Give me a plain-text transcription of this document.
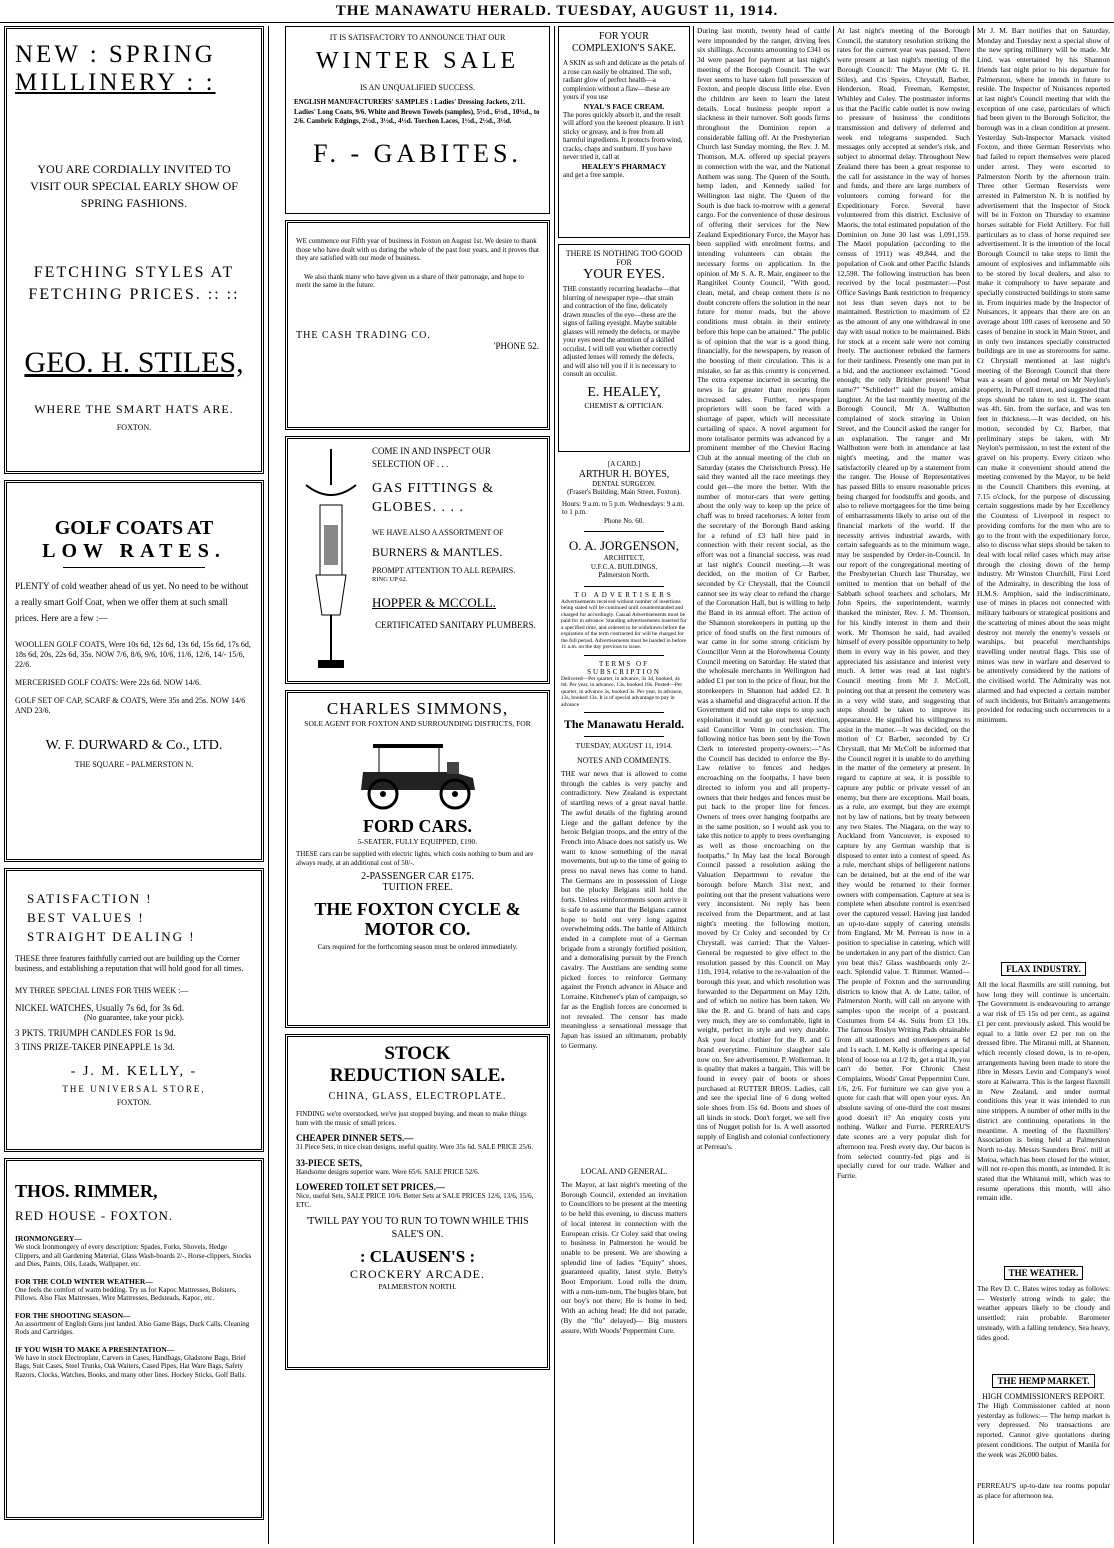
THE MANAWATU HERALD. TUESDAY, AUGUST 11, 1914.
NEW : SPRING
MILLINERY : :
YOU ARE CORDIALLY INVITED TO VISIT OUR SPECIAL EARLY SHOW OF SPRING FASHIONS.
FETCHING STYLES AT FETCHING PRICES. :: ::
GEO. H. STILES,
WHERE THE SMART HATS ARE.
FOXTON.
GOLF COATS AT
LOW RATES.
PLENTY of cold weather ahead of us yet. No need to be without a really smart Golf Coat, when we offer them at such small prices. Here are a few :—
WOOLLEN GOLF COATS, Were 10s 6d, 12s 6d, 13s 6d, 15s 6d, 17s 6d, 18s 6d, 20s, 22s 6d, 35s. NOW 7/6, 8/6, 9/6, 10/6, 11/6, 12/6, 14/- 15/6, 22/6.
MERCERISED GOLF COATS: Were 22s 6d. NOW 14/6.
GOLF SET OF CAP, SCARF & COATS, Were 35s and 25s. NOW 14/6 AND 23/6.
W. F. DURWARD & Co., LTD.
THE SQUARE - PALMERSTON N.
SATISFACTION !
BEST VALUES !
STRAIGHT DEALING !
THESE three features faithfully carried out are building up the Corner business, and establishing a reputation that will hold good for all times.
MY THREE SPECIAL LINES FOR THIS WEEK :—
NICKEL WATCHES, Usually 7s 6d, for 3s 6d.
(No guarantee, take your pick).
3 PKTS. TRIUMPH CANDLES FOR 1s 9d.
3 TINS PRIZE-TAKER PINEAPPLE 1s 3d.
- J. M. KELLY, -
THE UNIVERSAL STORE,
FOXTON.
THOS. RIMMER,
RED HOUSE - FOXTON.
IRONMONGERY—
We stock Ironmongery of every description: Spades, Forks, Shovels, Hedge Clippers, and all Gardening Material, Glass Wash-boards 2/-, Horse-clippers, Stocks and Dies, Paints, Oils, Leads, Wallpaper, etc.
FOR THE COLD WINTER WEATHER—
One feels the comfort of warm bedding. Try us for Kapoc Mattresses, Bolsters, Pillows. Also Flax Mattresses, Wire Mattresses, Bedsteads, Kapoc, etc.
FOR THE SHOOTING SEASON—
An assortment of English Guns just landed. Also Game Bags, Duck Calls, Cleaning Rods and Cartridges.
IF YOU WISH TO MAKE A PRESENTATION—
We have in stock Electroplate, Carvers in Cases, Handbags, Gladstone Bags, Brief Bags, Suit Cases, Steel Trunks, Oak Waiters, Cased Pipes, Hat Ware Bags, Safety Razors, Clocks, Watches, Books, and many other lines. Hockey Sticks, Golf Balls.
IT IS SATISFACTORY TO ANNOUNCE THAT OUR
WINTER SALE
IS AN UNQUALIFIED SUCCESS.
ENGLISH MANUFACTURERS' SAMPLES : Ladies' Dressing Jackets, 2/11. Ladies' Long Coats, 9/6. White and Brown Towels (samples), 5½d., 6½d., 10½d., to 2/6. Cambric Edgings, 2½d., 3½d., 4½d. Torchon Laces, 1½d., 2½d., 3½d.
F. - GABITES.
WE commence our Fifth year of business in Foxton on August 1st. We desire to thank those who have dealt with us during the whole of the past four years, and it proves that they are satisfied with our mode of business.
We also thank many who have given us a share of their patronage, and hope to merit the same in the future.
THE CASH TRADING CO.
'PHONE 52.
COME IN AND INSPECT OUR SELECTION OF . . .
GAS FITTINGS & GLOBES. . . .
WE HAVE ALSO A ASSORTMENT OF
BURNERS & MANTLES.
PROMPT ATTENTION TO ALL REPAIRS.
RING UP 62.
HOPPER & MCCOLL.
CERTIFICATED SANITARY PLUMBERS.
CHARLES SIMMONS,
SOLE AGENT FOR FOXTON AND SURROUNDING DISTRICTS, FOR
FORD CARS.
5-SEATER, FULLY EQUIPPED, £190.
THESE cars can be supplied with electric lights, which costs nothing to burn and are always ready, at an additional cost of 50/-.
2-PASSENGER CAR £175.
TUITION FREE.
THE FOXTON CYCLE & MOTOR CO.
Cars required for the forthcoming season must be ordered immediately.
STOCK
REDUCTION SALE.
CHINA, GLASS, ELECTROPLATE.
FINDING we're overstocked, we've just stopped buying, and mean to make things hum with the music of small prices.
CHEAPER DINNER SETS.—
31 Piece Sets, in nice clean designs, useful quality. Were 35s 6d. SALE PRICE 25/6.
33-PIECE SETS,
Handsome designs superior ware. Were 65/6. SALE PRICE 52/6.
LOWERED TOILET SET PRICES.—
Nice, useful Sets, SALE PRICE 10/6. Better Sets at SALE PRICES 12/6, 13/6, 15/6, ETC.
'TWILL PAY YOU TO RUN TO TOWN WHILE THIS SALE'S ON.
: CLAUSEN'S :
CROCKERY ARCADE.
PALMERSTON NORTH.
FOR YOUR COMPLEXION'S SAKE.
A SKIN as soft and delicate as the petals of a rose can easily be obtained. The soft, radiant glow of perfect health—a complexion without a flaw—these are yours if you use
NYAL'S FACE CREAM.
The pores quickly absorb it, and the result will afford you the keenest pleasure. It isn't sticky or greasy, and is free from all harmful ingredients. It protects from wind, cracks, chaps and sunburn. If you have never tried it, call at
HEALEY'S PHARMACY
and get a free sample.
THERE IS NOTHING TOO GOOD FOR
YOUR EYES.
THE constantly recurring headache—that blurring of newspaper type—that strain and contraction of the fine, delicately drawn muscles of the eye—these are the signs of failing eyesight. Maybe suitable glasses will remedy the defects, or maybe your eyes need the attention of a skilled occulist. I will tell you whether correctly adjusted lenses will remedy the defects, and will also tell you if it is necessary to consult an occulist.
E. HEALEY,
CHEMIST & OPTICIAN.
[A CARD.]
ARTHUR H. BOYES,
DENTAL SURGEON.
(Fraser's Building, Main Street, Foxton).
Hours: 9 a.m. to 5 p.m. Wednesdays: 9 a.m. to 1 p.m.
Phone No. 60.
O. A. JORGENSON,
ARCHITECT,
U.F.C.A. BUILDINGS,
Palmerston North.
TO ADVERTISERS
Advertisements received without number of insertions being stated will be continued until countermanded and charged for accordingly. Casual Advertisements must be paid for in advance. Standing advertisements inserted for a specified time, and ordered to be withdrawn before the expiration of the term contracted for will be charged for the full period. Advertisements must be handed in before 11 a.m. on the day previous to issue.
TERMS OF SUBSCRIPTION
Delivered—Per quarter, in advance, 3s 3d, booked, 4s 6d. Per year, in advance, 13s, booked 18s. Posted—Per quarter, in advance 3s, booked 3s. Per year, in advance, 13s, booked 13s. It is of special advantage to pay in advance
The Manawatu Herald.
TUESDAY, AUGUST 11, 1914.
NOTES AND COMMENTS.
THE war news that is allowed to come through the cables is very patchy and contradictory. New Zealand is expectant of startling news of a great naval battle. The awful details of the fighting around Liege and the gallant defence by the heroic Belgian troops, and the entry of the French into Alsace does not satisfy us. We want to know something of the naval movements, but up to the time of going to press no naval news has come to hand. The Germans are in possession of Liege but the plucky Belgians still hold the forts. Unless reinforcements soon arrive it is safe to assume that the Belgians cannot hope to hold out very long against overwhelming odds. The battle of Altkirch ended in a complete rout of a German brigade from a strongly fortified position, and a demoralising pursuit by the French cavalry. The Austrians are sending some picked forces to reinforce Germany against the French advance in Alsace and Lorraine. Kitchener's plan of campaign, so far as the English forces are concerned is not revealed. The censor has made meaningless a sensational message that Japan has issued an ultimatum, probably to Germany.
LOCAL AND GENERAL.
The Mayor, at last night's meeting of the Borough Council, extended an invitation to Councillors to be present at the meeting to be held this evening, to discuss matters of local interest in connection with the European crisis. Cr Coley said that owing to business in Palmerston he would be unable to be present. We are showing a splendid line of ladies "Equity" shoes, guaranteed quality, latest style. Betty's Boot Emporium. Loud rolls the drum, with a rum-tum-tum, The bugles blare, but our boy's not there; He is home in bed, With an aching head; He did not parade, (By the "flu" delayed)— Big musters assure, With Woods' Peppermint Cure.
During last month, twenty head of cattle were impounded by the ranger, driving fees six shillings. Accounts amounting to £341 os 3d were passed for payment at last night's meeting of the Borough Council. The war fever seems to have taken full possession of Foxton, and people discuss little else. Even the children are keen to learn the latest details. Local business people report a slackness in their turnover. Soft goods firms throughout the Dominion report a considerable falling off. At the Presbyterian Church last Sunday morning, the Rev. J. M. Thomson, M.A. offered up special prayers in connection with the war, and the National Anthem was sung. The Queen of the South, hemp laden, and Kennedy sailed for Wellington last night. The Queen of the South is due back to-morrow with a general cargo. For the convenience of those desirous of offering their services for the New Zealand Expeditionary Force, the Mayor has been supplied with enrolment forms, and intending volunteers can obtain the necessary forms on application. In the opinion of Mr S. A. R. Mair, engineer to the Rangitikei County Council, "With good, clean, metal, and cheap cement there is no doubt concrete offers the solution in the near future for motor roads, but the above conditions must obtain in their entirety before this hope can be attained." The public is of opinion that the war is a good thing, financially, for the newspapers, by reason of the boosting of their circulation. This is a mistake, so far as this country is concerned. The extra expense incurred in securing the news is far greater than receipts from increased sales. Further, newspaper proprietors will soon be faced with a shortage of paper, which will necessitate curtailing of space. A novel argument for more totalisator permits was advanced by a prominent member of the Cheviot Racing Club at the annual meeting of the club on Saturday (states the Christchurch Press). He said they wanted all the race meetings they could get—the more the better. With the number of motor-cars that were getting about the only way to keep up the price of chaff was to breed racehorses. A letter from the secretary of the Borough Band asking for a refund of £3 hall hire paid in connection with their recent social, as the effort was not a financial success, was read at last night's Council meeting.—It was decided, on the motion of Cr Barber, seconded by Cr Chrystall, that the Council cannot see its way clear to refund the charge of the Coronation Hall, but is willing to help the Band in its annual effort. The action of the Shannon storekeepers in putting up the price of food stuffs on the first rumours of war came in for some strong criticism by Councillor Venn at the Horowhenua County Council meeting on Saturday. He stated that the wholesale merchants in Wellington had added £1 per ton to the price of flour, but the storekeepers in Shannon had added £2. It was a shameful and disgraceful action. If the Government did not take steps to stop such exploitation it would go out next election, said Councillor Venn in conclusion. The following notice has been sent by the Town Clerk to interested property-owners:—"As the Council has decided to enforce the By-Law relative to fences and hedges encroaching on the footpaths, I have been directed to inform you and all property-owners that their hedges and fences must be put back to the proper line for fences. Owners of trees over hanging footpaths are in the same position, so I would ask you to take this notice to apply to trees overhanging as well as those encroaching on the footpaths." In May last the local Borough Council passed a resolution asking the Valuation Department to revalue the borough before March 31st next, and pointing out that the present valuations were very inconsistent. No reply has been received from the Department, and at last night's meeting the following motion, moved by Cr Coley and seconded by Cr Chrystall, was carried: That the Valuer-General be requested to give effect to the resolution passed by this Council on May 11th, 1914, relative to the re-valuation of the borough this year, and which resolution was forwarded to the Department on May 12th, and of which no notice has been taken. We like the R. and G. brand of hats and caps very much, they are so comfortable, light in weight, perfect in style and very durable. Ask your local clothier for the R. and G brand everytime. Furniture slaughter sale now on. See advertisement. P. Wollerman. It is quality that makes a bargain. This will be found in every pair of boots or shoes purchased at RUTTER BROS. Ladies, call and see the special line of 6 dong welted sole shoes from 15s 6d. Boots and shoes of all kinds in stock. Don't forget, we sell five tins of Nugget polish for 1s. A well assorted supply of English and colonial confectionery at Perreau's.
At last night's meeting of the Borough Council, the statutory resolution striking the rates for the current year was passed. There were present at last night's meeting of the Borough Council: The Mayor (Mr G. H. Stiles), and Crs Speirs, Chrystall, Barber, Henderson, Read, Freeman, Kempster, Whibley and Coley. The postmaster informs us that the Pacific cable outlet is now owing to pressure of business the conditions transmission and delivery of deferred and week end telegrams suspended. Such messages only accepted at sender's risk, and subject to abnormal delay. Throughout New Zealand there has been a great response to the call for assistance in the way of horses and funds, and there are large numbers of volunteers coming forward for the Expeditionary Force. Several have volunteered from this district. Exclusive of Maoris, the total estimated population of the Dominion on June 30 last was 1,091,159. The Maori population (according to the census of 1911) was 49,844, and the population of Cook and other Pacific Islands 12,598. The following instruction has been received by the local postmaster:—Post Office Savings Bank restriction to frequency not less than seven days not to be maintained. Restriction to maximum of £2 as the amount of any one withdrawal in one day with usual notice to be maintained. Bids for stock at a recent sale were not coming freely. The auctioneer rebuked the farmers for their tardiness. Presently one man put in a bid, and the auctioneer exclaimed: "Good enough; the only Britisher present! What name?" "Schlieder!" said the buyer, amidst laughter. At the last monthly meeting of the Borough Council, Mr A. Wallbutton complained of stock straying in Union Street, and the Council asked the ranger for an explanation. The ranger and Mr Wallbutton were both in attendance at last night's meeting, and the matter was satisfactorily cleared up by a statement from the ranger. The House of Representatives has passed Bills to ensure reasonable prices being charged for foodstuffs and goods, and also to relieve mortgagees for the time being of embarrassments likely to arise out of the financial markets of the world. If the necessity arrives industrial awards, with certain safeguards as to the minimum wage, may be suspended by Order-in-Council. In our report of the congregational meeting of the Presbyterian Church last Thursday, we omitted to mention that on behalf of the Sabbath school teachers and scholars, Mr John Speirs, the superintendent, warmly thanked the minister, Rev. J. M. Thomson, for his kindly interest in them and their work. Mr Thomson he said, had availed himself of every possible opportunity to help them in every way in his power, and they appreciated his assistance and interest very much. A letter was read at last night's Council meeting from Mr J. McColl, pointing out that at present the cemetery was in a very wild state, and suggesting that steps should be taken to improve its appearance. He signified his willingness to assist in the matter.—It was decided, on the motion of Cr Barber, seconded by Cr Chrystall, that Mr McColl be informed that the Council regret it is unable to do anything in the matter of the cemetery at present. In regard to capture at sea, it is possible to capture any public or private vessel of an enemy, but there are exceptions. Mail boats, as a rule, are exempt, but they are exempt not by law of nations, but by treaty between any two States. The Niagara, on the way to Auckland from Vancouver, is exposed to capture by any German warship that is disposed to enter into a contest of speed. As a rule, merchant ships of belligerent nations can be detained, but at the end of the war they would be returned to their former owners with compensation. Capture at sea is complete when absolute control is exercised over the captured vessel. Having just landed an up-to-date supply of catering utensils from England, Mr M. Perreau is now in a position to specialise in catering, which will be undertaken in any part of the district. Can you beat this? Glass washboards only 2/- each. Splendid value. T. Rimmer. Wanted—The people of Foxton and the surrounding districts to know that A. de Latte, tailor, of Palmerston North, will call on anyone with samples upon the receipt of a postcard. Costumes from £4 4s. Suits from £3 10s. The famous Roslyn Writing Pads obtainable from all stationers and storekeepers at 6d and 1s each. I. M. Kelly is offering a special blend of loose tea at 1/2 lb, get a trial lb, you can't do better. For Chronic Chest Complaints, Woods' Great Peppermint Cure, 1/6, 2/6. For furniture we can give you a quote for cash that will open your eyes. An absolute saving of one-third the cost means good doesn't it? An enquiry costs you nothing. Walker and Furrie. PERREAU'S date scones are a very popular dish for afternoon tea. Fresh every day. Our bacon is from selected country-fed pigs and is specially cured for our trade. Walker and Furrie.
Mr J. M. Barr notifies that on Saturday, Monday and Tuesday next a special show of the new spring millinery will be made. Mr Lind, was entertained by his Shannon friends last night prior to his departure for Palmerston, where he intends in future to reside. The Inspector of Nuisances reported at last night's Council meeting that with the exception of one case, particulars of which had been given to the Borough Solicitor, the borough was in a clean condition at present. Yesterday Sub-Inspector Marsack visited Foxton, and three German Reservists who had failed to report themselves were placed under arrest. They were escorted to Palmerston North by the afternoon train. Three other German Reservists were arrested in Palmerston N. It is notified by advertisement that the Inspector of Stock will be in Foxton on Thursday to examine horses suitable for Field Artillery. For full particulars as to class of horse required see advertisement. It is the intention of the local Borough Council to take steps to limit the amount of explosives and inflammable oils to be stored by local dealers, and also to make it compulsory to have separate and specially constructed buildings to store same in. From inquiries made by the Inspector of Nuisances, it appears that there are on an average about 100 cases of kerosene and 50 cases of benzine in stock in Main Street, and in only two instances specially constructed buildings are in use as storerooms for same. Cr Chrystall mentioned at last night's meeting of the Borough Council that there was a seam of good metal on Mr Neylon's property, in Purcell street, and suggested that steps should be taken to test it. The seam was 4ft. 6in. from the surface, and was ten feet in thickness.—It was decided, on his motion, seconded by Cr. Barber, that preliminary steps be taken, with Mr Neylon's permission, to test the extent of the gravel on his property. Every citizen who can make it convenient should attend the meeting convened by the Mayor, to be held in the Council Chambers this evening, at 7.15 o'clock, for the purpose of discussing certain suggestions made by her Excellency the Countess of Liverpool in respect to providing comforts for the men who are to go to the front with the expeditionary force, also to discuss what steps should be taken to deal with local relief cases which may arise through the closing down of the hemp industry. Mr Winston Churchill, First Lord of the Admiralty, in describing the loss of H.M.S. Amphion, said the indiscriminate, use of mines in places not connected with military harbours or strategical positions and the scattering of mines about the seas might destroy not merely the enemy's vessels or warships, but peaceful merchantships travelling under neutral flags. This use of mines was new in warfare and deserved to be attentively considered by the nations of the civilised world. The Admiralty was not alarmed and had expected a certain number of such incidents, but Britain's arrangements provided for reducing such occurrences to a minimum.
FLAX INDUSTRY.
All the local flaxmills are still running, but how long they will continue is uncertain. The Government is endeavouring to arrange a war risk of £5 15s od per cent., as against £1 per cent. previously asked. This would be equal to a little over £2 per ton on the dressed fibre. The Miranui mill, at Shannon, which recently closed down, is to re-open, arrangements having been made to store the fibre in Messrs Levin and Company's wool store at Kaiwarra. This is the largest flaxmill in New Zealand, and under normal conditions this year it was intended to run nine strippers. A number of other mills in the district are continuing operations in the meantime. A meeting of the flaxmillers' Association is being held at Palmerston North to-day. Messrs Saunders Bros'. mill at Motoa, which has been closed for the winter, will not re-open this month, as intended. It is stated that the Whitanui mill, which was to resume operations this month, will also remain idle.
THE WEATHER.
The Rev D. C. Bates wires today as follows:— Westerly strong winds to gale; the weather appears likely to be cloudy and unsettled; rain probable. Barometer unsteady, with a falling tendency. Sea heavy, tides good.
THE HEMP MARKET.
HIGH COMMISSIONER'S REPORT.
The High Commissioner cabled at noon yesterday as follows:— The hemp market is very depressed. No transactions are reported. Cannot give quotations during present conditions. The output of Manila for the week was 26,000 bales.
PERREAU'S up-to-date tea rooms popular as place for afternoon tea.
